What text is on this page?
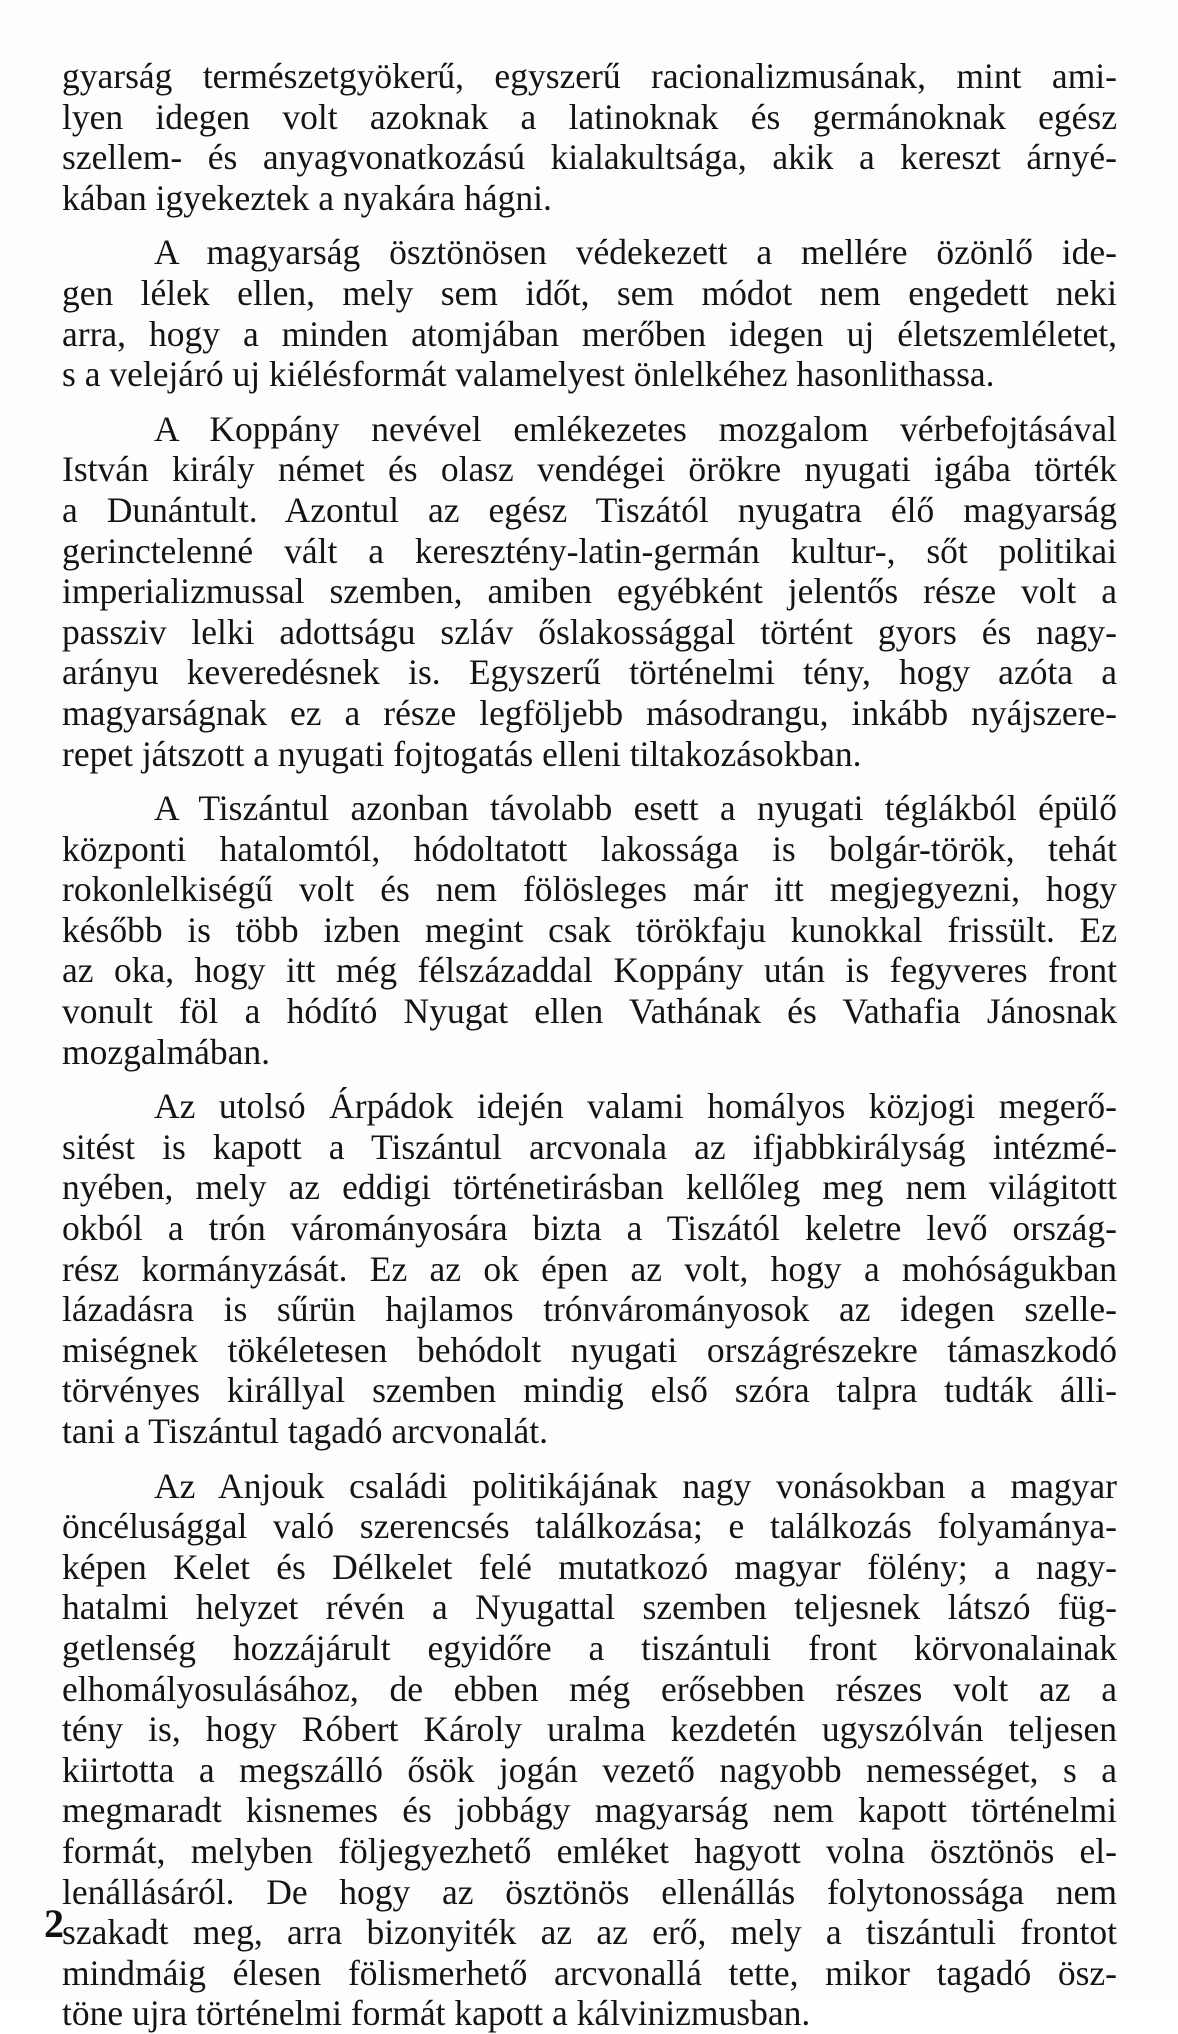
gyarság természetgyökerű, egyszerű racionalizmusának, mint ami-
lyen idegen volt azoknak a latinoknak és germánoknak egész
szellem- és anyagvonatkozású kialakultsága, akik a kereszt árnyé-
kában igyekeztek a nyakára hágni.
A magyarság ösztönösen védekezett a mellére özönlő ide-
gen lélek ellen, mely sem időt, sem módot nem engedett neki
arra, hogy a minden atomjában merőben idegen uj életszemléletet,
s a velejáró uj kiélésformát valamelyest önlelkéhez hasonlithassa.
A Koppány nevével emlékezetes mozgalom vérbefojtásával
István király német és olasz vendégei örökre nyugati igába törték
a Dunántult. Azontul az egész Tiszától nyugatra élő magyarság
gerinctelenné vált a keresztény-latin-germán kultur-, sőt politikai
imperializmussal szemben, amiben egyébként jelentős része volt a
passziv lelki adottságu szláv őslakossággal történt gyors és nagy-
arányu keveredésnek is. Egyszerű történelmi tény, hogy azóta a
magyarságnak ez a része legföljebb másodrangu, inkább nyájszere-
repet játszott a nyugati fojtogatás elleni tiltakozásokban.
A Tiszántul azonban távolabb esett a nyugati téglákból épülő
központi hatalomtól, hódoltatott lakossága is bolgár-török, tehát
rokonlelkiségű volt és nem fölösleges már itt megjegyezni, hogy
később is több izben megint csak törökfaju kunokkal frissült. Ez
az oka, hogy itt még félszázaddal Koppány után is fegyveres front
vonult föl a hódító Nyugat ellen Vathának és Vathafia Jánosnak
mozgalmában.
Az utolsó Árpádok idején valami homályos közjogi megerő-
sitést is kapott a Tiszántul arcvonala az ifjabbkirályság intézmé-
nyében, mely az eddigi történetirásban kellőleg meg nem világitott
okból a trón várományosára bizta a Tiszától keletre levő ország-
rész kormányzását. Ez az ok épen az volt, hogy a mohóságukban
lázadásra is sűrün hajlamos trónvárományosok az idegen szelle-
miségnek tökéletesen behódolt nyugati országrészekre támaszkodó
törvényes királlyal szemben mindig első szóra talpra tudták álli-
tani a Tiszántul tagadó arcvonalát.
Az Anjouk családi politikájának nagy vonásokban a magyar
öncélusággal való szerencsés találkozása; e találkozás folyamánya-
képen Kelet és Délkelet felé mutatkozó magyar fölény; a nagy-
hatalmi helyzet révén a Nyugattal szemben teljesnek látszó füg-
getlenség hozzájárult egyidőre a tiszántuli front körvonalainak
elhomályosulásához, de ebben még erősebben részes volt az a
tény is, hogy Róbert Károly uralma kezdetén ugyszólván teljesen
kiirtotta a megszálló ősök jogán vezető nagyobb nemességet, s a
megmaradt kisnemes és jobbágy magyarság nem kapott történelmi
formát, melyben följegyezhető emléket hagyott volna ösztönös el-
lenállásáról. De hogy az ösztönös ellenállás folytonossága nem
szakadt meg, arra bizonyiték az az erő, mely a tiszántuli frontot
mindmáig élesen fölismerhető arcvonallá tette, mikor tagadó ösz-
töne ujra történelmi formát kapott a kálvinizmusban.
2
